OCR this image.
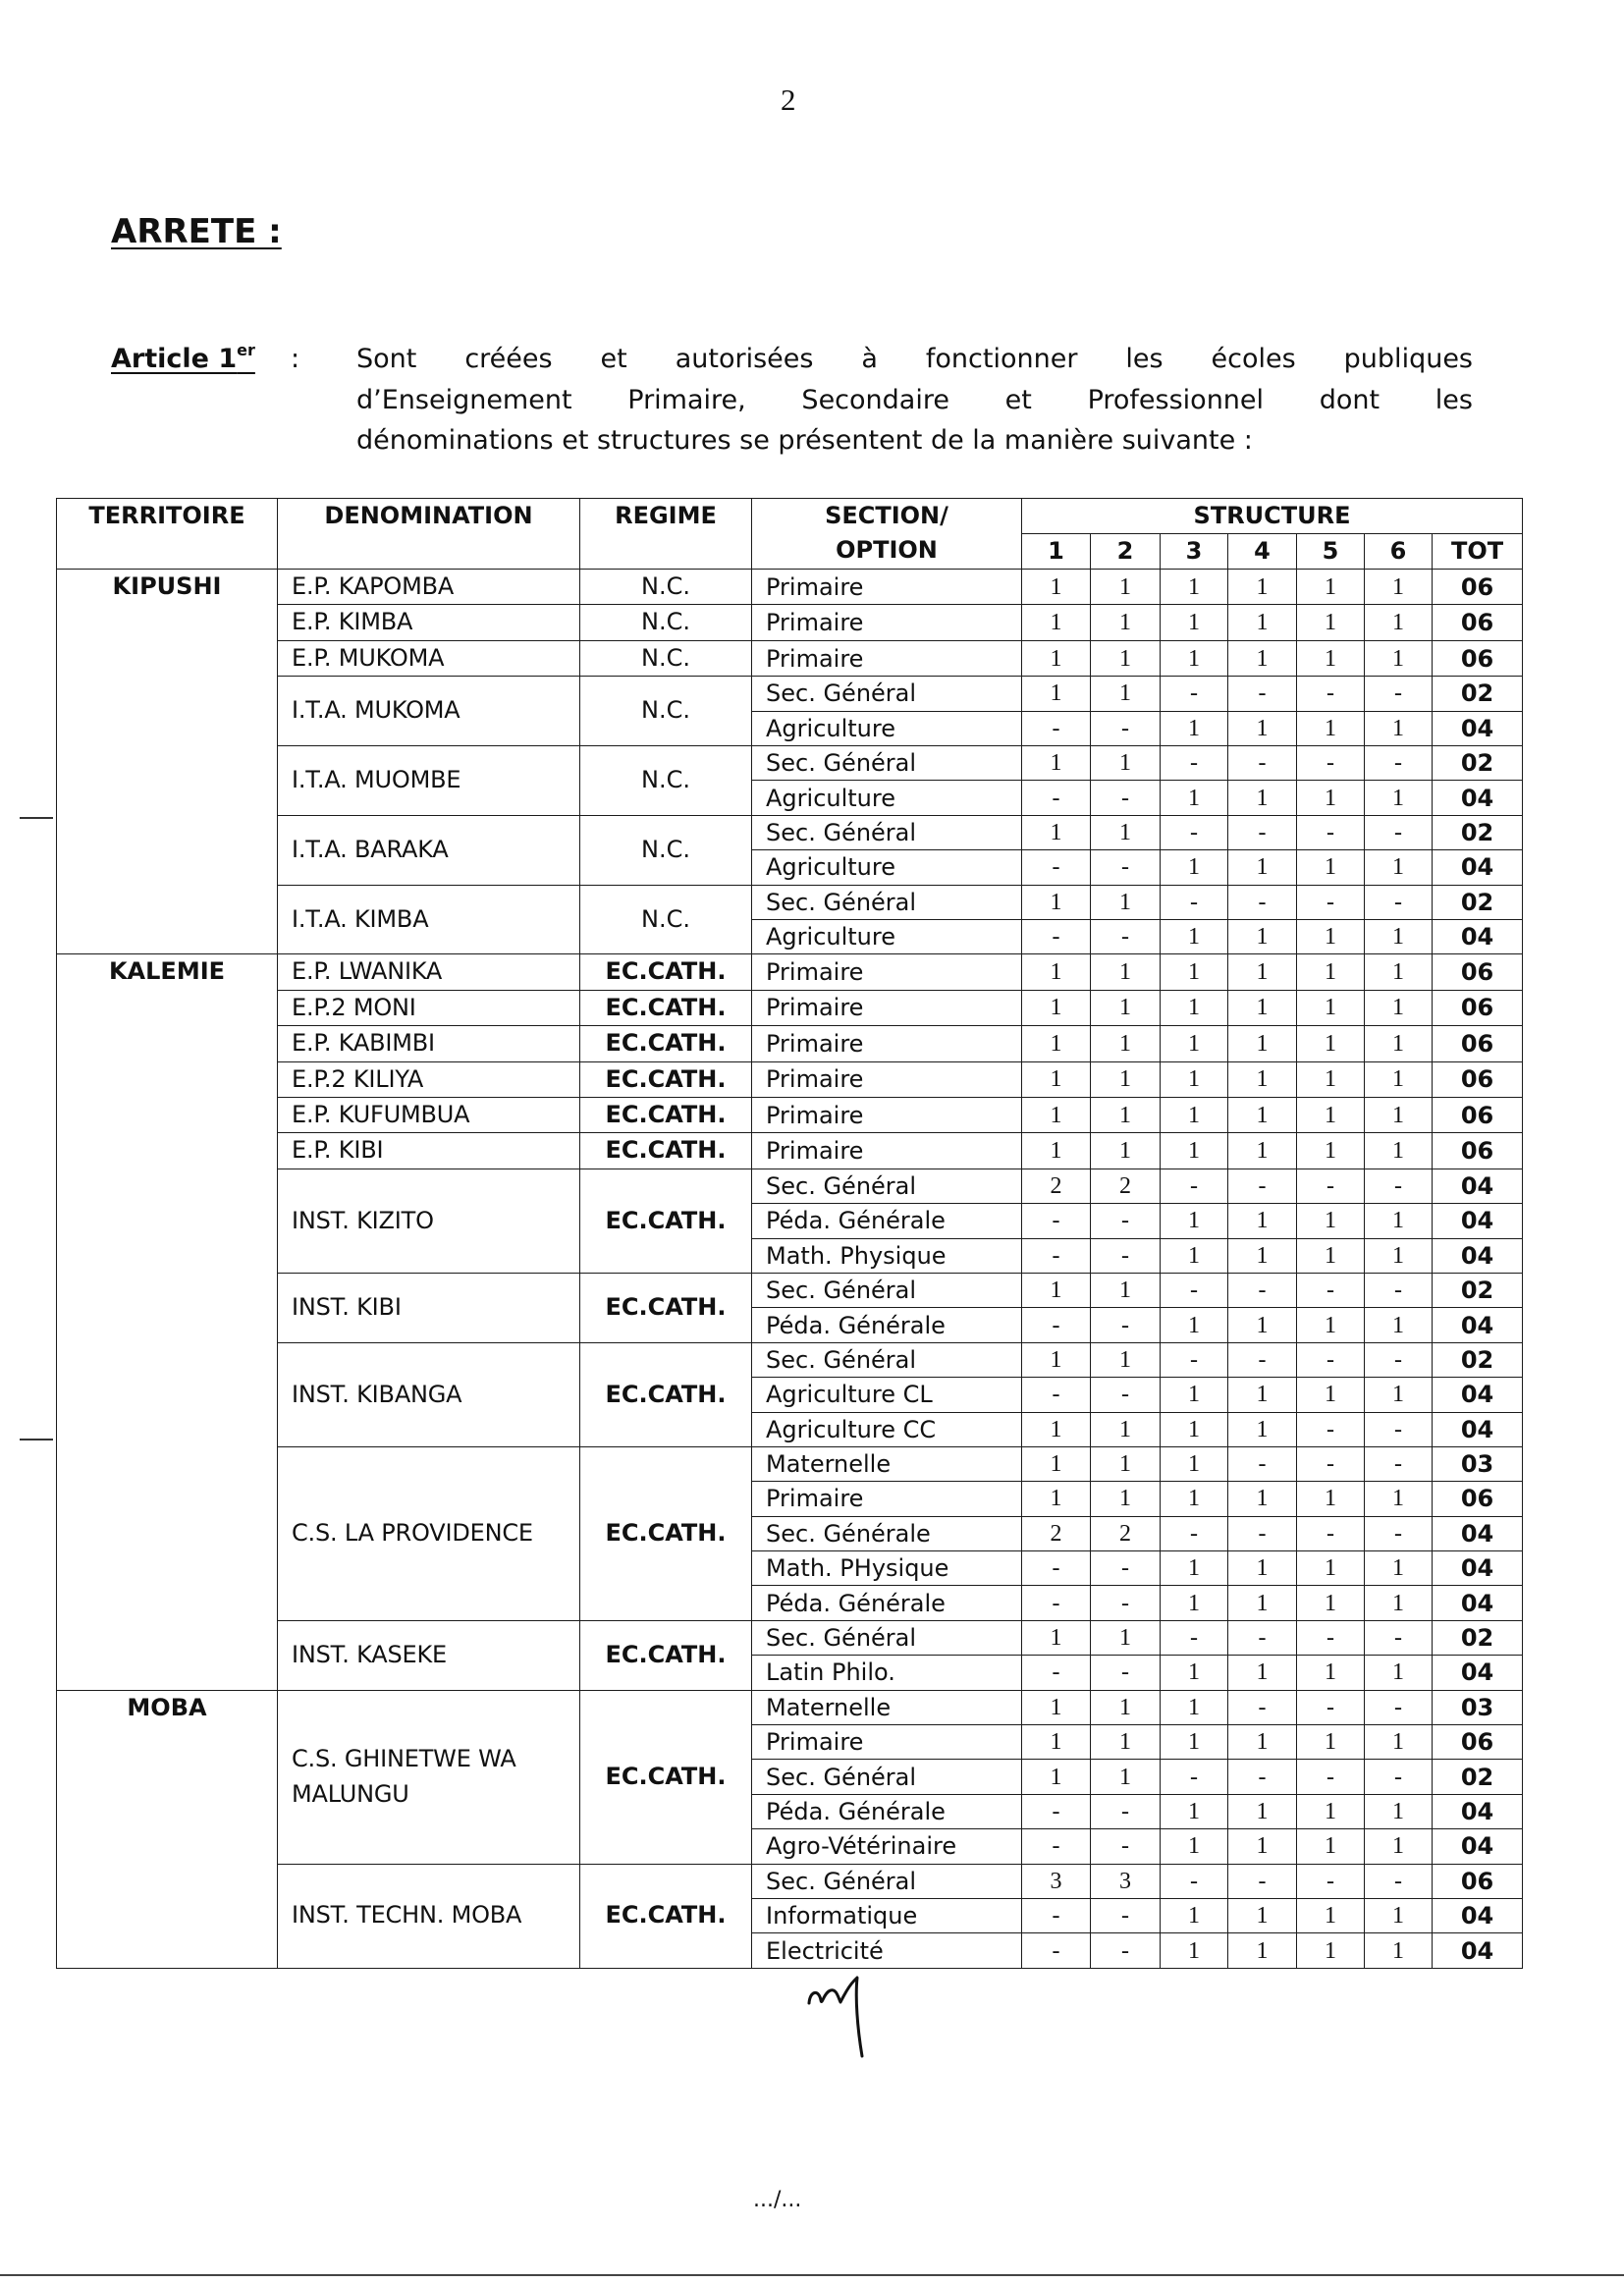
2
ARRETE :
Article 1er : Sont créées et autorisées à fonctionner les écoles publiques
d’Enseignement Primaire, Secondaire et Professionnel dont les
dénominations et structures se présentent de la manière suivante :
TERRITOIRE	DENOMINATION	REGIME	SECTION/
OPTION	STRUCTURE						
				1	2	3	4	5	6	TOT
KIPUSHI	E.P. KAPOMBA	N.C.	Primaire	1	1	1	1	1	1	06
	E.P. KIMBA	N.C.	Primaire	1	1	1	1	1	1	06
	E.P. MUKOMA	N.C.	Primaire	1	1	1	1	1	1	06
	I.T.A. MUKOMA	N.C.	Sec. Général	1	1	-	-	-	-	02
			Agriculture	-	-	1	1	1	1	04
	I.T.A. MUOMBE	N.C.	Sec. Général	1	1	-	-	-	-	02
			Agriculture	-	-	1	1	1	1	04
	I.T.A. BARAKA	N.C.	Sec. Général	1	1	-	-	-	-	02
			Agriculture	-	-	1	1	1	1	04
	I.T.A. KIMBA	N.C.	Sec. Général	1	1	-	-	-	-	02
			Agriculture	-	-	1	1	1	1	04
KALEMIE	E.P. LWANIKA	EC.CATH.	Primaire	1	1	1	1	1	1	06
	E.P.2 MONI	EC.CATH.	Primaire	1	1	1	1	1	1	06
	E.P. KABIMBI	EC.CATH.	Primaire	1	1	1	1	1	1	06
	E.P.2 KILIYA	EC.CATH.	Primaire	1	1	1	1	1	1	06
	E.P. KUFUMBUA	EC.CATH.	Primaire	1	1	1	1	1	1	06
	E.P. KIBI	EC.CATH.	Primaire	1	1	1	1	1	1	06
	INST. KIZITO	EC.CATH.	Sec. Général	2	2	-	-	-	-	04
			Péda. Générale	-	-	1	1	1	1	04
			Math. Physique	-	-	1	1	1	1	04
	INST. KIBI	EC.CATH.	Sec. Général	1	1	-	-	-	-	02
			Péda. Générale	-	-	1	1	1	1	04
	INST. KIBANGA	EC.CATH.	Sec. Général	1	1	-	-	-	-	02
			Agriculture CL	-	-	1	1	1	1	04
			Agriculture CC	1	1	1	1	-	-	04
	C.S. LA PROVIDENCE	EC.CATH.	Maternelle	1	1	1	-	-	-	03
			Primaire	1	1	1	1	1	1	06
			Sec. Générale	2	2	-	-	-	-	04
			Math. PHysique	-	-	1	1	1	1	04
			Péda. Générale	-	-	1	1	1	1	04
	INST. KASEKE	EC.CATH.	Sec. Général	1	1	-	-	-	-	02
			Latin Philo.	-	-	1	1	1	1	04
MOBA	C.S. GHINETWE WA MALUNGU	EC.CATH.	Maternelle	1	1	1	-	-	-	03
			Primaire	1	1	1	1	1	1	06
			Sec. Général	1	1	-	-	-	-	02
			Péda. Générale	-	-	1	1	1	1	04
			Agro-Vétérinaire	-	-	1	1	1	1	04
	INST. TECHN. MOBA	EC.CATH.	Sec. Général	3	3	-	-	-	-	06
			Informatique	-	-	1	1	1	1	04
			Electricité	-	-	1	1	1	1	04
.../...
